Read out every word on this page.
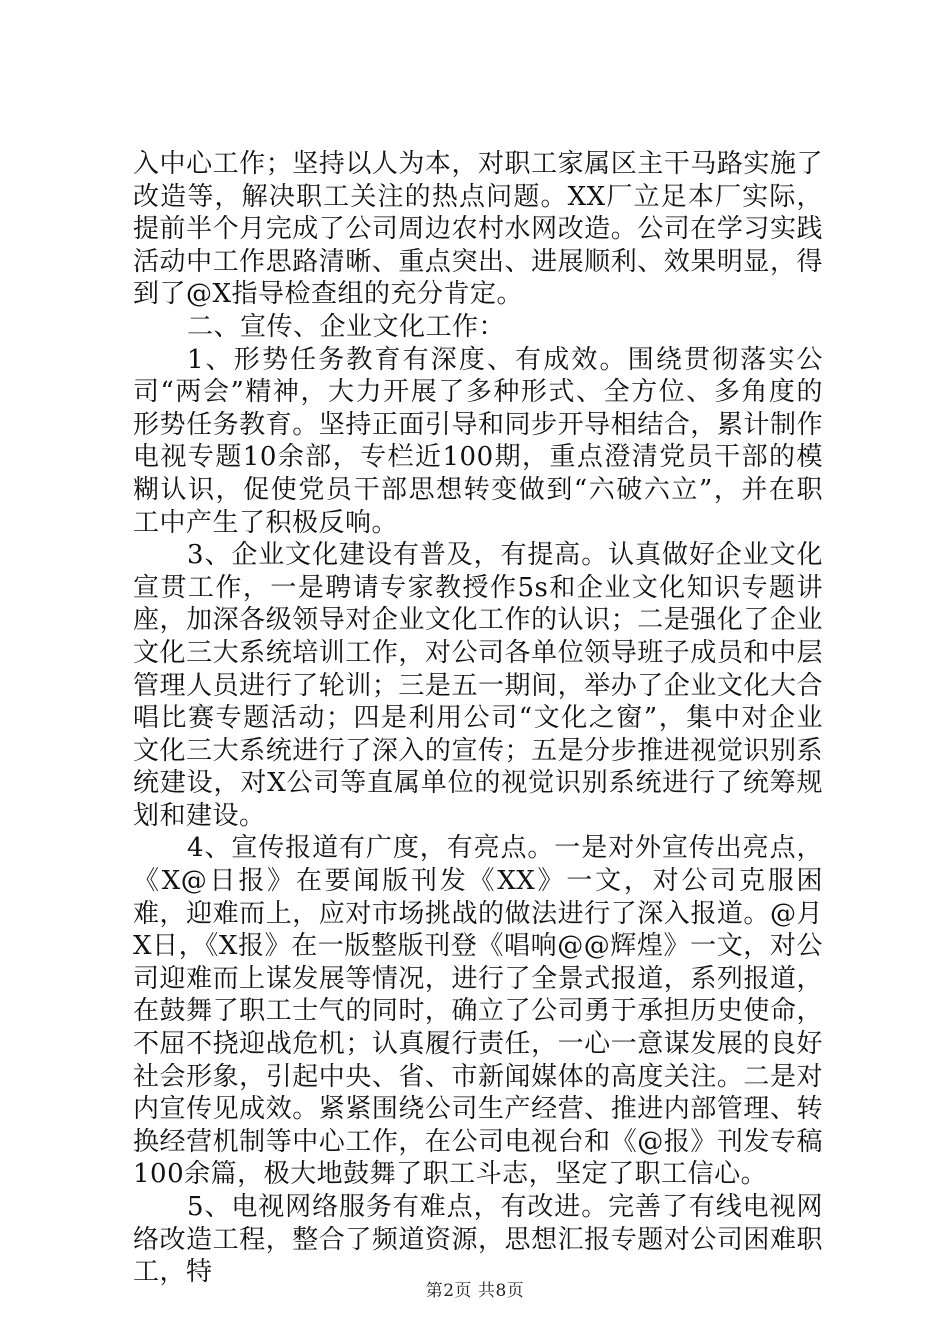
入中心工作；坚持以人为本，对职工家属区主干马路实施了改造等，解决职工关注的热点问题。XX厂立足本厂实际，提前半个月完成了公司周边农村水网改造。公司在学习实践活动中工作思路清晰、重点突出、进展顺利、效果明显，得到了@X指导检查组的充分肯定。

二、宣传、企业文化工作：

1、形势任务教育有深度、有成效。围绕贯彻落实公司“两会”精神，大力开展了多种形式、全方位、多角度的形势任务教育。坚持正面引导和同步开导相结合，累计制作电视专题10余部，专栏近100期，重点澄清党员干部的模糊认识，促使党员干部思想转变做到“六破六立”，并在职工中产生了积极反响。

3、企业文化建设有普及，有提高。认真做好企业文化宣贯工作，一是聘请专家教授作5s和企业文化知识专题讲座，加深各级领导对企业文化工作的认识；二是强化了企业文化三大系统培训工作，对公司各单位领导班子成员和中层管理人员进行了轮训；三是五一期间，举办了企业文化大合唱比赛专题活动；四是利用公司“文化之窗”，集中对企业文化三大系统进行了深入的宣传；五是分步推进视觉识别系统建设，对X公司等直属单位的视觉识别系统进行了统筹规划和建设。

4、宣传报道有广度，有亮点。一是对外宣传出亮点，《X@日报》在要闻版刊发《XX》一文，对公司克服困难，迎难而上，应对市场挑战的做法进行了深入报道。@月X日，《X报》在一版整版刊登《唱响@@辉煌》一文，对公司迎难而上谋发展等情况，进行了全景式报道，系列报道，在鼓舞了职工士气的同时，确立了公司勇于承担历史使命，不屈不挠迎战危机；认真履行责任，一心一意谋发展的良好社会形象，引起中央、省、市新闻媒体的高度关注。二是对内宣传见成效。紧紧围绕公司生产经营、推进内部管理、转换经营机制等中心工作，在公司电视台和《@报》刊发专稿100余篇，极大地鼓舞了职工斗志，坚定了职工信心。

5、电视网络服务有难点，有改进。完善了有线电视网络改造工程，整合了频道资源，思想汇报专题对公司困难职工，特

第2页 共8页
